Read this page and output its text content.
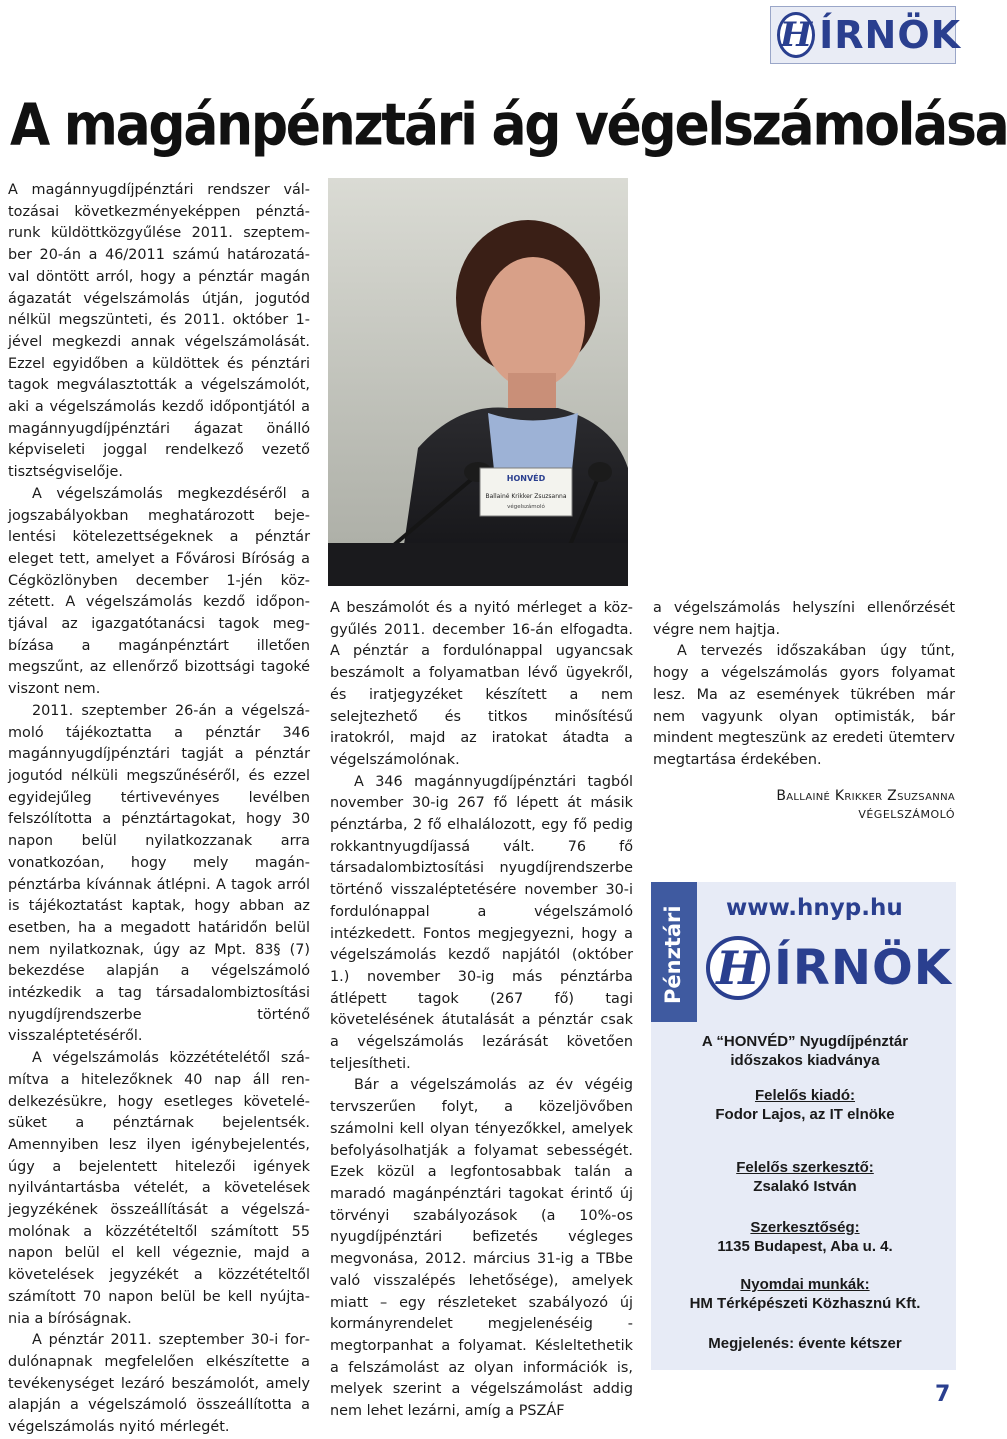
H ÍRNÖK
A magánpénztári ág végelszámolása

A magánnyugdíjpénztári rendszer változásai következményeképpen pénztárunk küldöttközgyűlése 2011. szeptember 20-án a 46/2011 számú határozatával döntött arról, hogy a pénztár magán ágazatát végelszámolás útján, jogutód nélkül megszünteti, és 2011. október 1-jével megkezdi annak végelszámolását. Ezzel egyidőben a küldöttek és pénztári tagok megválasztották a végelszámolót, aki a végelszámolás kezdő időpontjától a magánnyugdíjpénztári ágazat önálló képviseleti joggal rendelkező vezető tisztségviselője.

A végelszámolás megkezdéséről a jogszabályokban meghatározott bejelentési kötelezettségeknek a pénztár eleget tett, amelyet a Fővárosi Bíróság a Cégközlönyben december 1-jén közzétett. A végelszámolás kezdő időpontjával az igazgatótanácsi tagok megbízása a magánpénztárt illetően megszűnt, az ellenőrző bizottsági tagoké viszont nem.

2011. szeptember 26-án a végelszámoló tájékoztatta a pénztár 346 magánnyugdíjpénztári tagját a pénztár jogutód nélküli megszűnéséről, és ezzel egyidejűleg tértivevényes levélben felszólította a pénztártagokat, hogy 30 napon belül nyilatkozzanak arra vonatkozóan, hogy mely magánpénztárba kívánnak átlépni. A tagok arról is tájékoztatást kaptak, hogy abban az esetben, ha a megadott határidőn belül nem nyilatkoznak, úgy az Mpt. 83§ (7) bekezdése alapján a végelszámoló intézkedik a tag társadalombiztosítási nyugdíjrendszerbe történő visszaléptetéséről.

A végelszámolás közzétételétől számítva a hitelezőknek 40 nap áll rendelkezésükre, hogy esetleges követelésüket a pénztárnak bejelentsék. Amennyiben lesz ilyen igénybejelentés, úgy a bejelentett hitelezői igények nyilvántartásba vételét, a követelések jegyzékének összeállítását a végelszámolónak a közzétételtől számított 55 napon belül el kell végeznie, majd a követelések jegyzékét a közzétételtől számított 70 napon belül be kell nyújtania a bíróságnak.

A pénztár 2011. szeptember 30-i fordulónapnak megfelelően elkészítette a tevékenységet lezáró beszámolót, amely alapján a végelszámoló összeállította a végelszámolás nyitó mérlegét.

HONVÉD
Ballainé Krikker Zsuzsanna
végelszámoló

A beszámolót és a nyitó mérleget a közgyűlés 2011. december 16-án elfogadta. A pénztár a fordulónappal ugyancsak beszámolt a folyamatban lévő ügyekről, és iratjegyzéket készített a nem selejtezhető és titkos minősítésű iratokról, majd az iratokat átadta a végelszámolónak.

A 346 magánnyugdíjpénztári tagból november 30-ig 267 fő lépett át másik pénztárba, 2 fő elhalálozott, egy fő pedig rokkantnyugdíjassá vált. 76 fő társadalombiztosítási nyugdíjrendszerbe történő visszaléptetésére november 30-i fordulónappal a végelszámoló intézkedett. Fontos megjegyezni, hogy a végelszámolás kezdő napjától (október 1.) november 30-ig más pénztárba átlépett tagok (267 fő) tagi követelésének átutalását a pénztár csak a végelszámolás lezárását követően teljesítheti.

Bár a végelszámolás az év végéig tervszerűen folyt, a közeljövőben számolni kell olyan tényezőkkel, amelyek befolyásolhatják a folyamat sebességét. Ezek közül a legfontosabbak talán a maradó magánpénztári tagokat érintő új törvényi szabályozások (a 10%-os nyugdíjpénztári befizetés végleges megvonása, 2012. március 31-ig a TBbe való visszalépés lehetősége), amelyek miatt – egy részleteket szabályozó új kormányrendelet megjelenéséig megtorpanhat a folyamat. Késleltethetik a felszámolást az olyan információk is, melyek szerint a végelszámolást addig nem lehet lezárni, amíg a PSZÁF

a végelszámolás helyszíni ellenőrzését végre nem hajtja.

A tervezés időszakában úgy tűnt, hogy a végelszámolás gyors folyamat lesz. Ma az események tükrében már nem vagyunk olyan optimisták, bár mindent megteszünk az eredeti ütemterv megtartása érdekében.

Ballainé Krikker Zsuzsanna
VÉGELSZÁMOLÓ
Pénztári www.hnyp.hu
H ÍRNÖK
A “HONVÉD” Nyugdíjpénztár
időszakos kiadványa
Felelős kiadó:
Fodor Lajos, az IT elnöke
Felelős szerkesztő:
Zsalakó István
Szerkesztőség:
1135 Budapest, Aba u. 4.
Nyomdai munkák:
HM Térképészeti Közhasznú Kft.
Megjelenés: évente kétszer
7
